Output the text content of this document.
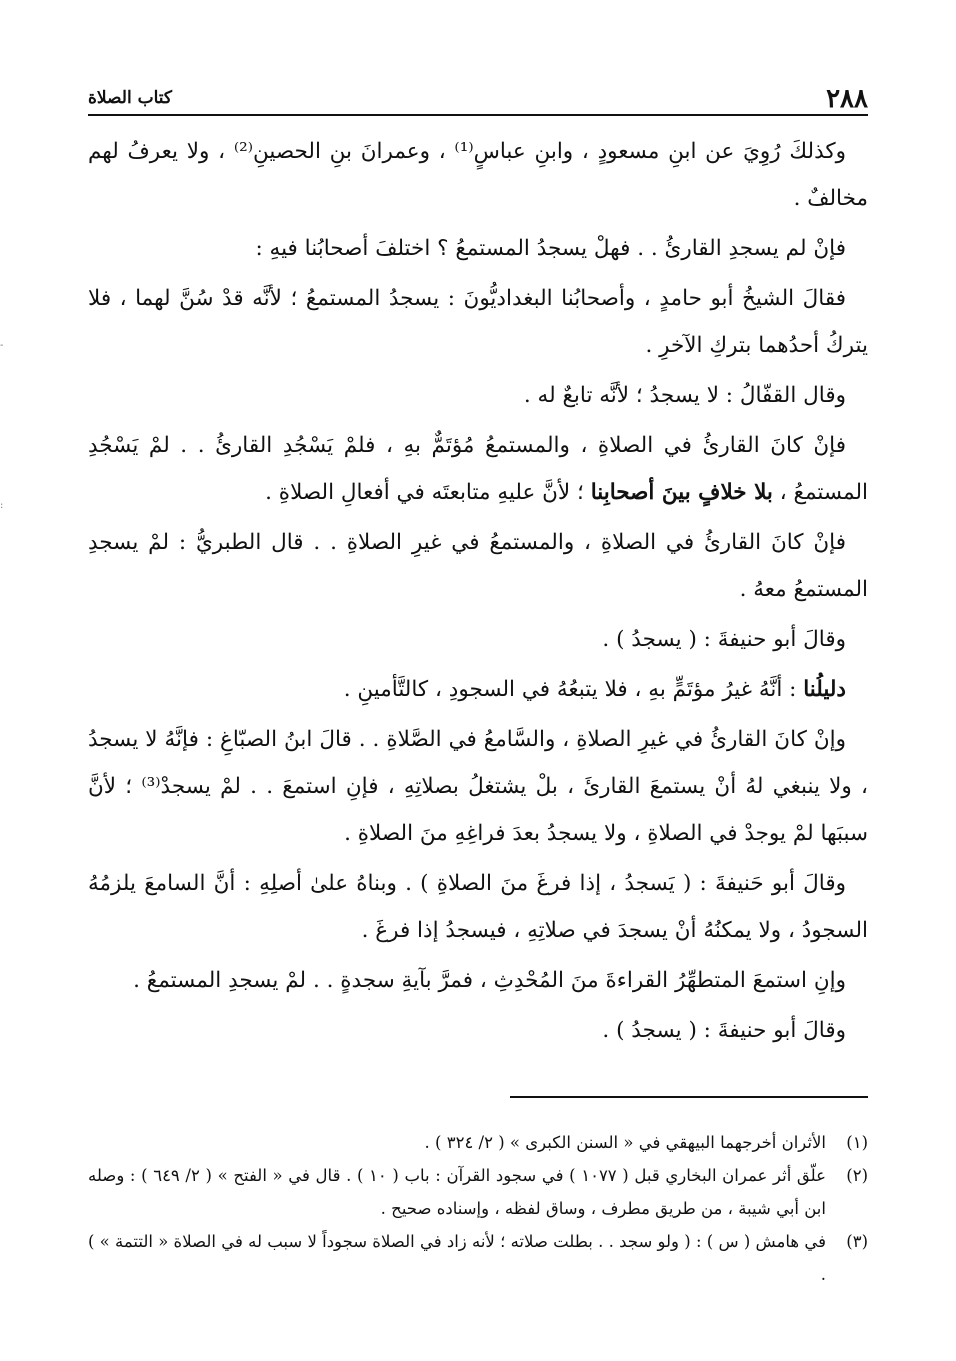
٢٨٨
كتاب الصلاة

وكذلكَ رُوِيَ عن ابنِ مسعودٍ ، وابنِ عباسٍ⁽¹⁾ ، وعمرانَ بنِ الحصينِ⁽²⁾ ، ولا يعرفُ لهم مخالفٌ .

فإنْ لم يسجدِ القارئُ . . فهلْ يسجدُ المستمعُ ؟ اختلفَ أصحابُنا فيهِ :

فقالَ الشيخُ أبو حامدٍ ، وأصحابُنا البغداديُّونَ : يسجدُ المستمعُ ؛ لأنَّه قدْ سُنَّ لهما ، فلا يتركُ أحدُهما بتركِ الآخرِ .

وقال القفّالُ : لا يسجدُ ؛ لأنَّه تابعٌ له .

فإنْ كانَ القارئُ في الصلاةِ ، والمستمعُ مُؤتَمٌّ بهِ ، فلمْ يَسْجُدِ القارئُ . . لمْ يَسْجُدِ المستمعُ ، بلا خلافٍ بينَ أصحابِنا ؛ لأنَّ عليهِ متابعتَه في أفعالِ الصلاةِ .

فإنْ كانَ القارئُ في الصلاةِ ، والمستمعُ في غيرِ الصلاةِ . . قال الطبريُّ : لمْ يسجدِ المستمعُ معهُ .

وقالَ أبو حنيفةَ : ( يسجدُ ) .

دليلُنا : أنَّهُ غيرُ مؤتَمٍّ بهِ ، فلا يتبعُهُ في السجودِ ، كالتَّأمينِ .

وإنْ كانَ القارئُ في غيرِ الصلاةِ ، والسَّامعُ في الصَّلاةِ . . قالَ ابنُ الصبّاغِ : فإنَّهُ لا يسجدُ ، ولا ينبغي لهُ أنْ يستمعَ القارئَ ، بلْ يشتغلُ بصلاتِهِ ، فإنِ استمعَ . . لمْ يسجدْ⁽³⁾ ؛ لأنَّ سببَها لمْ يوجدْ في الصلاةِ ، ولا يسجدُ بعدَ فراغِهِ منَ الصلاةِ .

وقالَ أبو حَنيفةَ : ( يَسجدُ ، إذا فرغَ منَ الصلاةِ ) . وبناهُ علىٰ أصلِهِ : أنَّ السامعَ يلزمُهُ السجودُ ، ولا يمكنُهُ أنْ يسجدَ في صلاتِهِ ، فيسجدُ إذا فرغَ .

وإنِ استمعَ المتطهِّرُ القراءةَ منَ المُحْدِثِ ، فمرَّ بآيةِ سجدةٍ . . لمْ يسجدِ المستمعُ .

وقالَ أبو حنيفةَ : ( يسجدُ ) .

(١)
الأثران أخرجهما البيهقي في « السنن الكبرى » ( ٢/ ٣٢٤ ) .
(٢)
علّق أثر عمران البخاري قبل ( ١٠٧٧ ) في سجود القرآن : باب ( ١٠ ) . قال في « الفتح » ( ٢/ ٦٤٩ ) : وصله ابن أبي شيبة ، من طريق مطرف ، وساق لفظه ، وإسناده صحيح .
(٣)
في هامش ( س ) : ( ولو سجد . . بطلت صلاته ؛ لأنه زاد في الصلاة سجوداً لا سبب له في الصلاة « التتمة » ) .
-
:
